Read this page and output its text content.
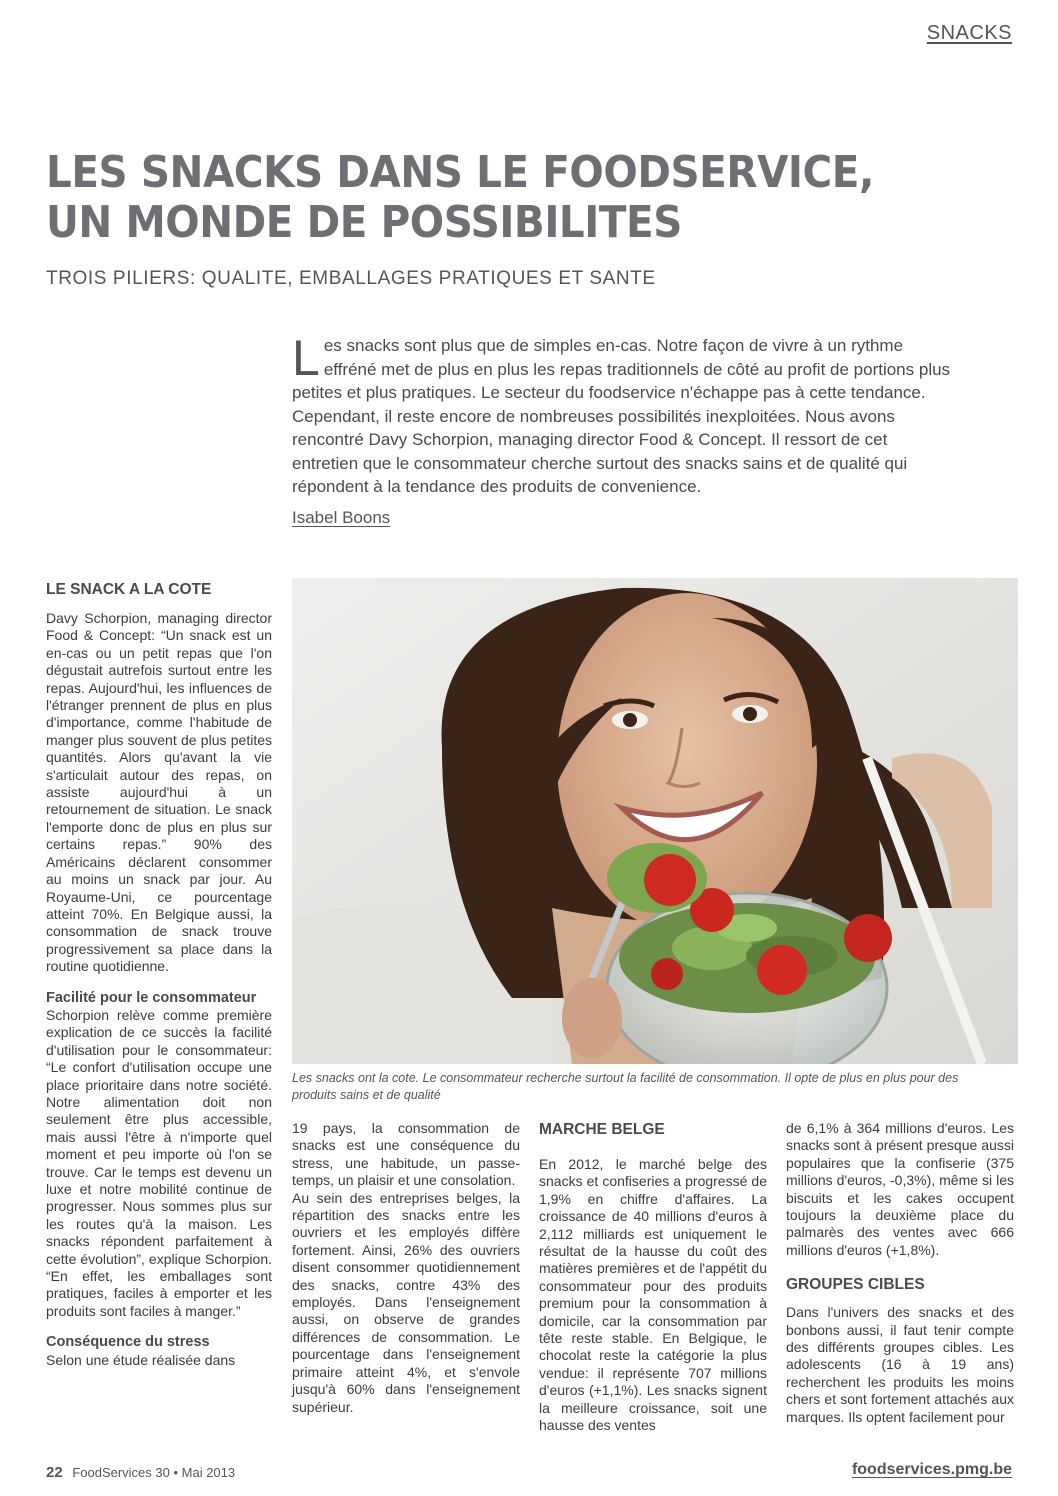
SNACKS
LES SNACKS DANS LE FOODSERVICE,
UN MONDE DE POSSIBILITES
TROIS PILIERS: QUALITE, EMBALLAGES PRATIQUES ET SANTE

Les snacks sont plus que de simples en-cas. Notre façon de vivre à un rythme effréné met de plus en plus les repas traditionnels de côté au profit de portions plus petites et plus pratiques. Le secteur du foodservice n'échappe pas à cette tendance. Cependant, il reste encore de nombreuses possibilités inexploitées. Nous avons rencontré Davy Schorpion, managing director Food & Concept. Il ressort de cet entretien que le consommateur cherche surtout des snacks sains et de qualité qui répondent à la tendance des produits de convenience.

Isabel Boons

Les snacks ont la cote. Le consommateur recherche surtout la facilité de consommation. Il opte de plus en plus pour des produits sains et de qualité

LE SNACK A LA COTE

Davy Schorpion, managing director Food & Concept: “Un snack est un en-cas ou un petit repas que l'on dégustait autrefois surtout entre les repas. Aujourd'hui, les influences de l'étranger prennent de plus en plus d'importance, comme l'habitude de manger plus souvent de plus petites quantités. Alors qu'avant la vie s'articulait autour des repas, on assiste aujourd'hui à un retournement de situation. Le snack l'emporte donc de plus en plus sur certains repas.” 90% des Américains déclarent consommer au moins un snack par jour. Au Royaume-Uni, ce pourcentage atteint 70%. En Belgique aussi, la consommation de snack trouve progressivement sa place dans la routine quotidienne.

Facilité pour le consommateur

Schorpion relève comme première explication de ce succès la facilité d'utilisation pour le consommateur: “Le confort d'utilisation occupe une place prioritaire dans notre société. Notre alimentation doit non seulement être plus accessible, mais aussi l'être à n'importe quel moment et peu importe où l'on se trouve. Car le temps est devenu un luxe et notre mobilité continue de progresser. Nous sommes plus sur les routes qu'à la maison. Les snacks répondent parfaitement à cette évolution”, explique Schorpion. “En effet, les emballages sont pratiques, faciles à emporter et les produits sont faciles à manger.”

Conséquence du stress

Selon une étude réalisée dans

19 pays, la consommation de snacks est une conséquence du stress, une habitude, un passe-temps, un plaisir et une consolation.

Au sein des entreprises belges, la répartition des snacks entre les ouvriers et les employés diffère fortement. Ainsi, 26% des ouvriers disent consommer quotidiennement des snacks, contre 43% des employés. Dans l'enseignement aussi, on observe de grandes différences de consommation. Le pourcentage dans l'enseignement primaire atteint 4%, et s'envole jusqu'à 60% dans l'enseignement supérieur.

MARCHE BELGE

En 2012, le marché belge des snacks et confiseries a progressé de 1,9% en chiffre d'affaires. La croissance de 40 millions d'euros à 2,112 milliards est uniquement le résultat de la hausse du coût des matières premières et de l'appétit du consommateur pour des produits premium pour la consommation à domicile, car la consommation par tête reste stable. En Belgique, le chocolat reste la catégorie la plus vendue: il représente 707 millions d'euros (+1,1%). Les snacks signent la meilleure croissance, soit une hausse des ventes

de 6,1% à 364 millions d'euros. Les snacks sont à présent presque aussi populaires que la confiserie (375 millions d'euros, -0,3%), même si les biscuits et les cakes occupent toujours la deuxième place du palmarès des ventes avec 666 millions d'euros (+1,8%).

GROUPES CIBLES

Dans l'univers des snacks et des bonbons aussi, il faut tenir compte des différents groupes cibles. Les adolescents (16 à 19 ans) recherchent les produits les moins chers et sont fortement attachés aux marques. Ils optent facilement pour

22 FoodServices 30 • Mai 2013	foodservices.pmg.be
